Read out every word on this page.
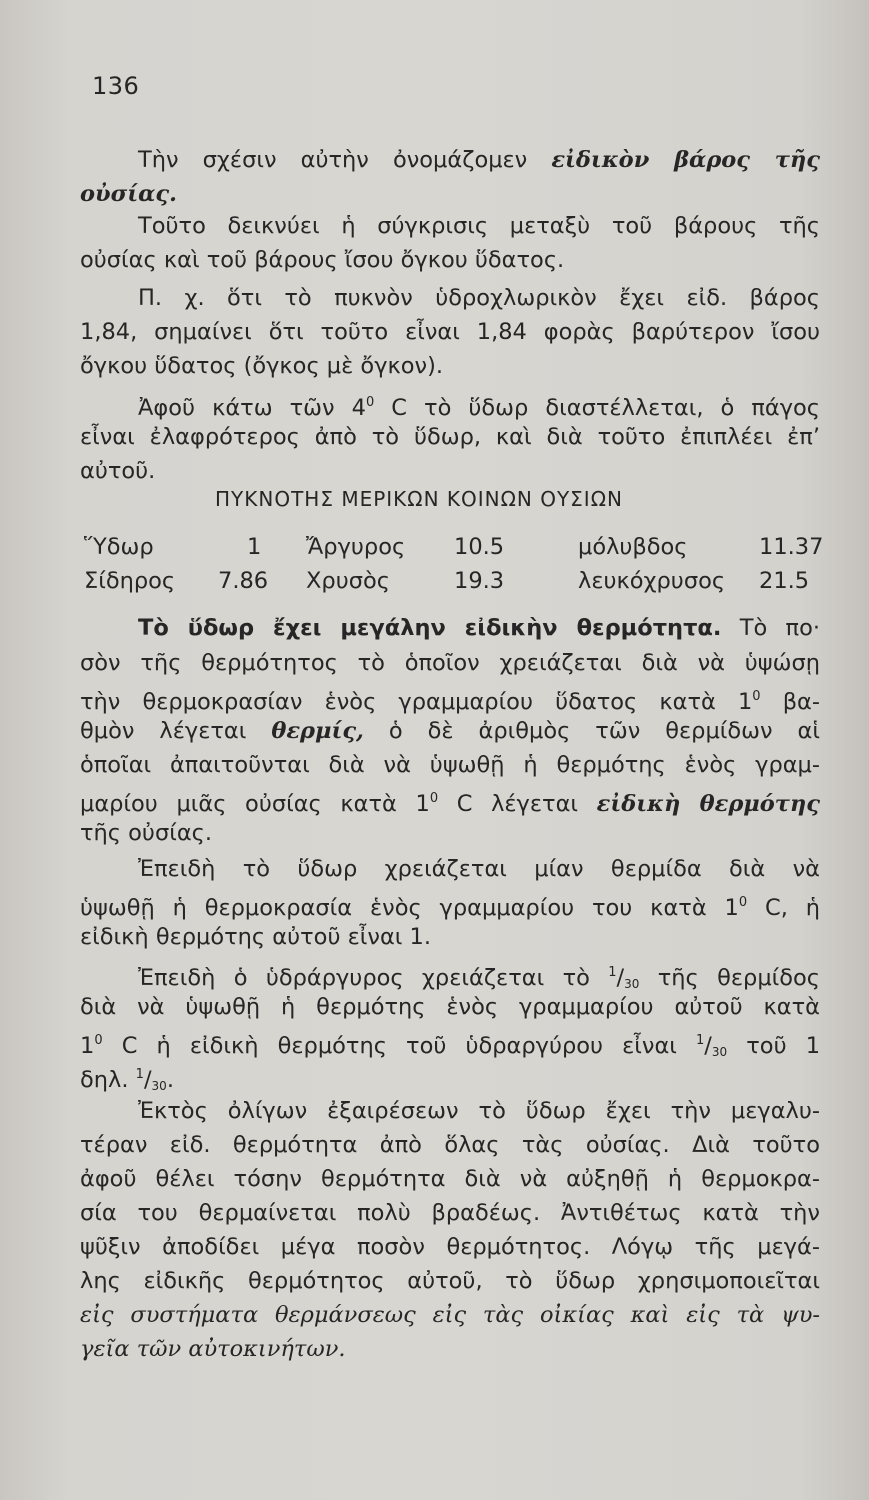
136
Τὴν σχέσιν αὐτὴν ὀνομάζομεν εἰδικὸν βάρος τῆς
οὐσίας.
Τοῦτο δεικνύει ἡ σύγκρισις μεταξὺ τοῦ βάρους τῆς
οὐσίας καὶ τοῦ βάρους ἴσου ὄγκου ὕδατος.
Π. χ. ὅτι τὸ πυκνὸν ὑδροχλωρικὸν ἔχει εἰδ. βάρος
1,84, σημαίνει ὅτι τοῦτο εἶναι 1,84 φορὰς βαρύτερον ἴσου
ὄγκου ὕδατος (ὄγκος μὲ ὄγκον).
Ἀφοῦ κάτω τῶν $4^0$ C τὸ ὕδωρ διαστέλλεται, ὁ πάγος
εἶναι ἐλαφρότερος ἀπὸ τὸ ὕδωρ, καὶ διὰ τοῦτο ἐπιπλέει ἐπ’
αὐτοῦ.
ΠΥΚΝΟΤΗΣ ΜΕΡΙΚΩΝ ΚΟΙΝΩΝ ΟΥΣΙΩΝ
Ὕδωρ	1 Ἄργυρος 10.5	μόλυβδος	11.37
Σίδηρος 7.86 Χρυσὸς	19.3	λευκόχρυσος 21.5
Τὸ ὕδωρ ἔχει μεγάλην εἰδικὴν θερμότητα. Τὸ πο·
σὸν τῆς θερμότητος τὸ ὁποῖον χρειάζεται διὰ νὰ ὑψώσῃ
τὴν θερμοκρασίαν ἑνὸς γραμμαρίου ὕδατος κατὰ $1^0$ βα-
θμὸν λέγεται θερμίς, ὁ δὲ ἀριθμὸς τῶν θερμίδων αἱ
ὁποῖαι ἀπαιτοῦνται διὰ νὰ ὑψωθῇ ἡ θερμότης ἑνὸς γραμ-
μαρίου μιᾶς οὐσίας κατὰ $1^0$ C λέγεται εἰδικὴ θερμότης
τῆς οὐσίας.
Ἐπειδὴ τὸ ὕδωρ χρειάζεται μίαν θερμίδα διὰ νὰ
ὑψωθῇ ἡ θερμοκρασία ἑνὸς γραμμαρίου του κατὰ $1^0$ C, ἡ
εἰδικὴ θερμότης αὐτοῦ εἶναι 1.
Ἐπειδὴ ὁ ὑδράργυρος χρειάζεται τὸ $^1/_{30}$ τῆς θερμίδος
διὰ νὰ ὑψωθῇ ἡ θερμότης ἑνὸς γραμμαρίου αὐτοῦ κατὰ
$1^0$ C ἡ εἰδικὴ θερμότης τοῦ ὑδραργύρου εἶναι $^1/_{30}$ τοῦ 1
δηλ. $^1/_{30}$.
Ἐκτὸς ὀλίγων ἐξαιρέσεων τὸ ὕδωρ ἔχει τὴν μεγαλυ-
τέραν εἰδ. θερμότητα ἀπὸ ὅλας τὰς οὐσίας. Διὰ τοῦτο
ἀφοῦ θέλει τόσην θερμότητα διὰ νὰ αὐξηθῇ ἡ θερμοκρα-
σία του θερμαίνεται πολὺ βραδέως. Ἀντιθέτως κατὰ τὴν
ψῦξιν ἀποδίδει μέγα ποσὸν θερμότητος. Λόγῳ τῆς μεγά-
λης εἰδικῆς θερμότητος αὐτοῦ, τὸ ὕδωρ χρησιμοποιεῖται
εἰς συστήματα θερμάνσεως εἰς τὰς οἰκίας καὶ εἰς τὰ ψυ-
γεῖα τῶν αὐτοκινήτων.
